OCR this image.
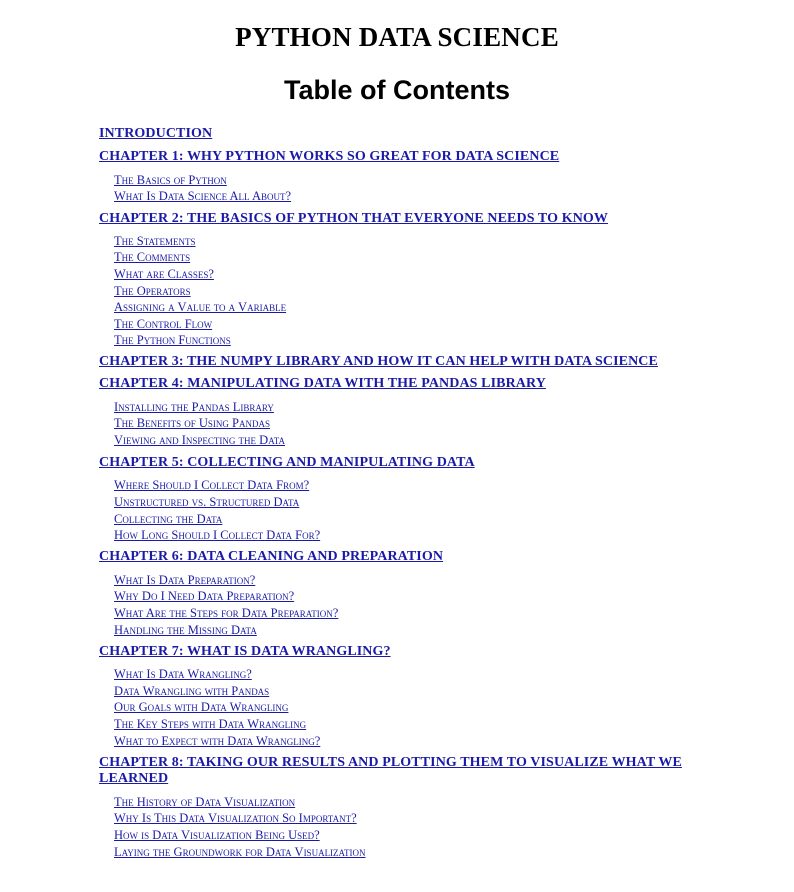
PYTHON DATA SCIENCE
Table of Contents
INTRODUCTION
CHAPTER 1: WHY PYTHON WORKS SO GREAT FOR DATA SCIENCE
The Basics of Python
What Is Data Science All About?
CHAPTER 2: THE BASICS OF PYTHON THAT EVERYONE NEEDS TO KNOW
The Statements
The Comments
What are Classes?
The Operators
Assigning a Value to a Variable
The Control Flow
The Python Functions
CHAPTER 3: THE NUMPY LIBRARY AND HOW IT CAN HELP WITH DATA SCIENCE
CHAPTER 4: MANIPULATING DATA WITH THE PANDAS LIBRARY
Installing the Pandas Library
The Benefits of Using Pandas
Viewing and Inspecting the Data
CHAPTER 5: COLLECTING AND MANIPULATING DATA
Where Should I Collect Data From?
Unstructured vs. Structured Data
Collecting the Data
How Long Should I Collect Data For?
CHAPTER 6: DATA CLEANING AND PREPARATION
What Is Data Preparation?
Why Do I Need Data Preparation?
What Are the Steps for Data Preparation?
Handling the Missing Data
CHAPTER 7: WHAT IS DATA WRANGLING?
What Is Data Wrangling?
Data Wrangling with Pandas
Our Goals with Data Wrangling
The Key Steps with Data Wrangling
What to Expect with Data Wrangling?
CHAPTER 8: TAKING OUR RESULTS AND PLOTTING THEM TO VISUALIZE WHAT WE LEARNED
The History of Data Visualization
Why Is This Data Visualization So Important?
How is Data Visualization Being Used?
Laying the Groundwork for Data Visualization
